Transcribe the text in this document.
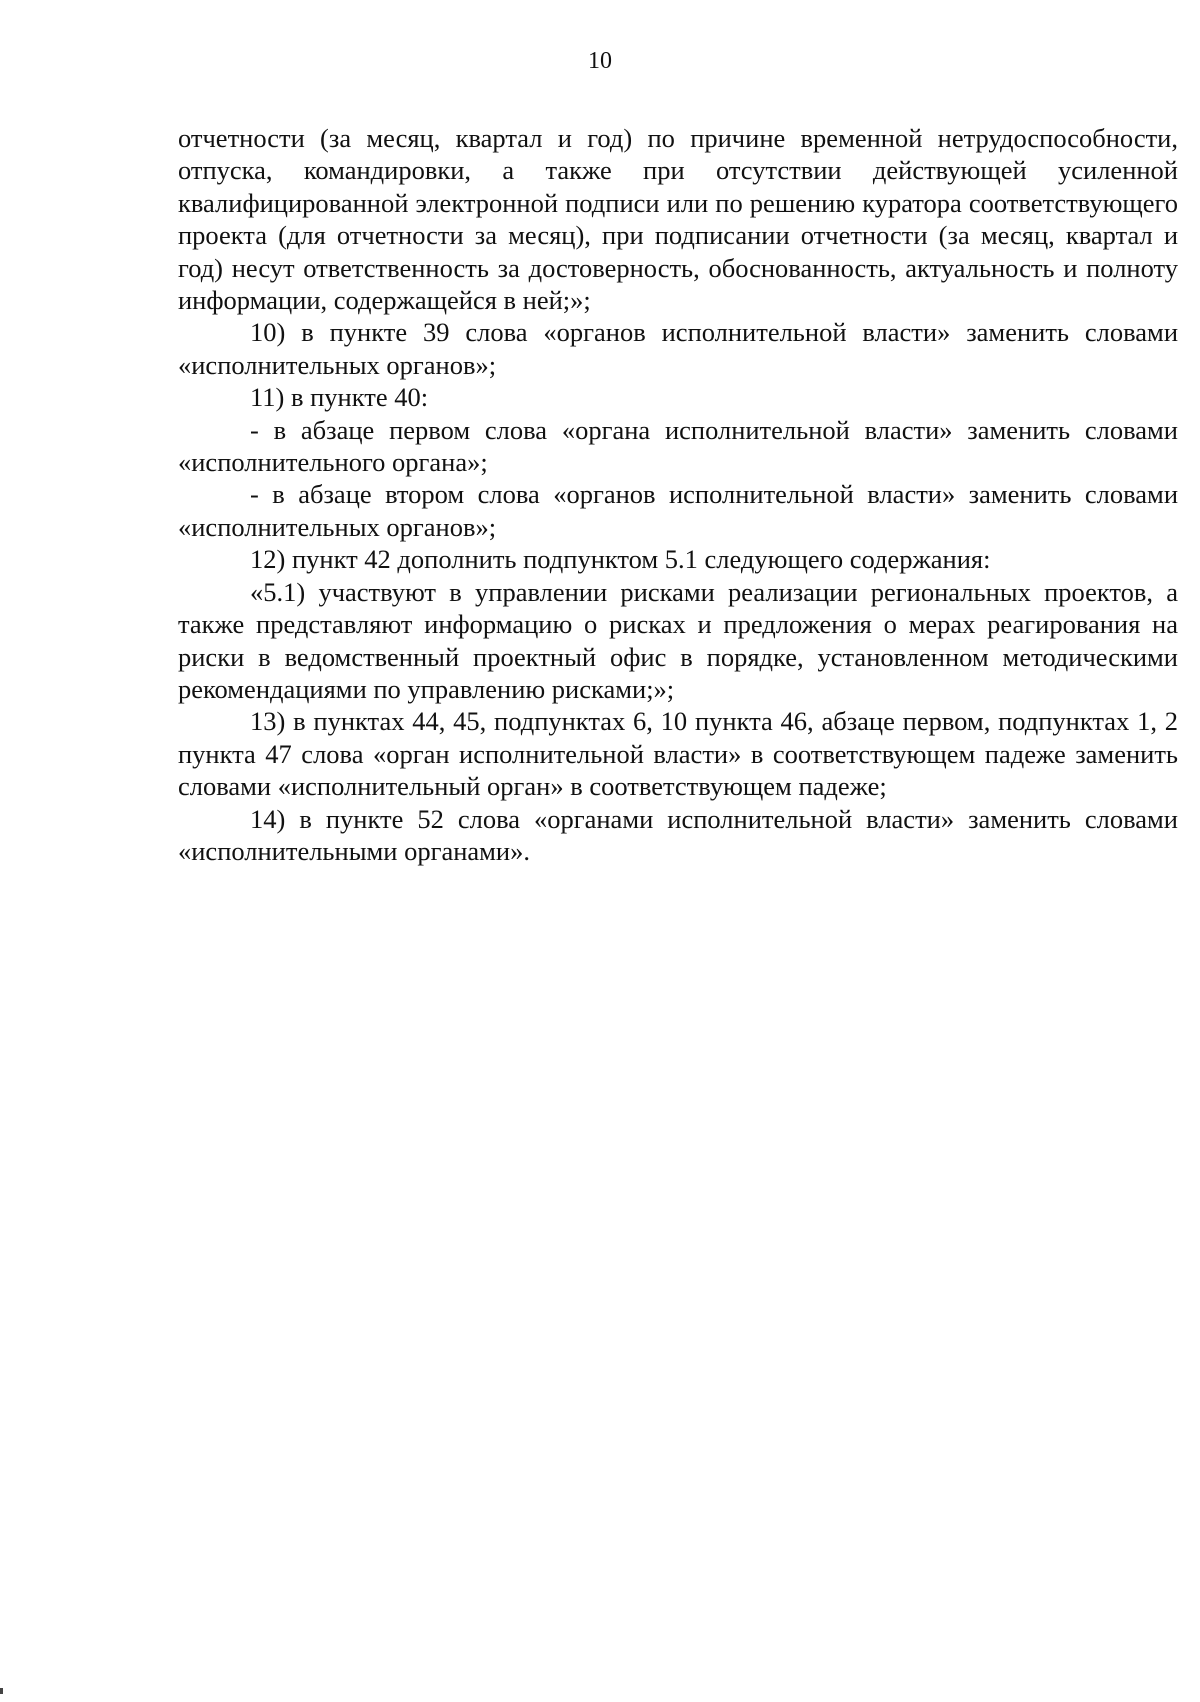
10

отчетности (за месяц, квартал и год) по причине временной нетрудоспособности, отпуска, командировки, а также при отсутствии действующей усиленной квалифицированной электронной подписи или по решению куратора соответствующего проекта (для отчетности за месяц), при подписании отчетности (за месяц, квартал и год) несут ответственность за достоверность, обоснованность, актуальность и полноту информации, содержащейся в ней;»;

10) в пункте 39 слова «органов исполнительной власти» заменить словами «исполнительных органов»;

11) в пункте 40:

- в абзаце первом слова «органа исполнительной власти» заменить словами «исполнительного органа»;

- в абзаце втором слова «органов исполнительной власти» заменить словами «исполнительных органов»;

12) пункт 42 дополнить подпунктом 5.1 следующего содержания:

«5.1) участвуют в управлении рисками реализации региональных проектов, а также представляют информацию о рисках и предложения о мерах реагирования на риски в ведомственный проектный офис в порядке, установленном методическими рекомендациями по управлению рисками;»;

13) в пунктах 44, 45, подпунктах 6, 10 пункта 46, абзаце первом, подпунктах 1, 2 пункта 47 слова «орган исполнительной власти» в соответствующем падеже заменить словами «исполнительный орган» в соответствующем падеже;

14) в пункте 52 слова «органами исполнительной власти» заменить словами «исполнительными органами».
